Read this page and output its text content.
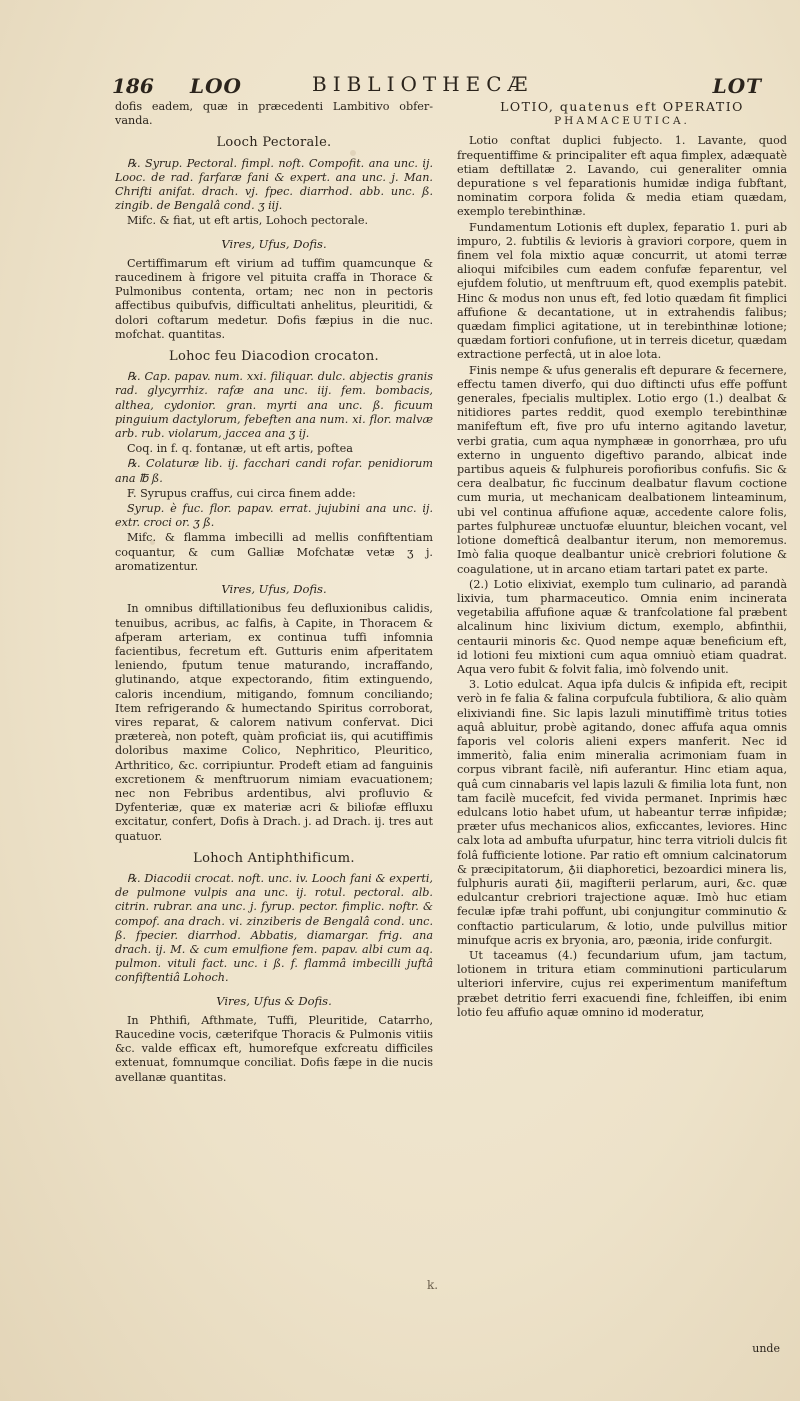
186 LOO	BIBLIOTHECÆ	LOT

dofis eadem, quæ in præcedenti Lambitivo obfer-vanda.

Looch Pectorale.

℞. Syrup. Pectoral. fimpl. noft. Compofit. ana unc. ij. Looc. de rad. farfaræ fani & expert. ana unc. j. Man. Chrifti anifat. drach. vj. fpec. diarrhod. abb. unc. ß. zingib. de Bengalâ cond. ʒ iij.

Mifc. & fiat, ut eft artis, Lohoch pectorale.

Vires, Ufus, Dofis.

Certiffimarum eft virium ad tuffim quamcunque & raucedinem à frigore vel pituita craffa in Thorace & Pulmonibus contenta, ortam; nec non in pectoris affectibus quibufvis, difficultati anhelitus, pleuritidi, & dolori coftarum medetur. Dofis fæpius in die nuc. mofchat. quantitas.

Lohoc feu Diacodion crocaton.

℞. Cap. papav. num. xxi. filiquar. dulc. abjectis granis rad. glycyrrhiz. rafæ ana unc. iij. fem. bombacis, althea, cydonior. gran. myrti ana unc. ß. ficuum pinguium dactylorum, febeften ana num. xi. flor. malvæ arb. rub. violarum, jaccea ana ʒ ij.

Coq. in f. q. fontanæ, ut eft artis, poftea

℞. Colaturæ lib. ij. facchari candi rofar. penidiorum ana ℔ ß.

F. Syrupus craffus, cui circa finem adde:

Syrup. è fuc. flor. papav. errat. jujubini ana unc. ij. extr. croci or. ʒ ß.

Mifc. & flamma imbecilli ad mellis confiftentiam coquantur, & cum Galliæ Mofchatæ vetæ ʒ j. aromatizentur.

Vires, Ufus, Dofis.

In omnibus diftillationibus feu defluxionibus calidis, tenuibus, acribus, ac falfis, à Capite, in Thoracem & afperam arteriam, ex continua tuffi infomnia facientibus, fecretum eft. Gutturis enim afperitatem leniendo, fputum tenue maturando, incraffando, glutinando, atque expectorando, fitim extinguendo, caloris incendium, mitigando, fomnum conciliando; Item refrigerando & humectando Spiritus corroborat, vires reparat, & calorem nativum confervat. Dici prætereà, non poteft, quàm proficiat iis, qui acutiffimis doloribus maxime Colico, Nephritico, Pleuritico, Arthritico, &c. corripiuntur. Prodeft etiam ad fanguinis excretionem & menftruorum nimiam evacuationem; nec non Febribus ardentibus, alvi profluvio & Dyfenteriæ, quæ ex materiæ acri & biliofæ effluxu excitatur, confert, Dofis à Drach. j. ad Drach. ij. tres aut quatuor.

Lohoch Antiphthificum.

℞. Diacodii crocat. noft. unc. iv. Looch fani & experti, de pulmone vulpis ana unc. ij. rotul. pectoral. alb. citrin. rubrar. ana unc. j. fyrup. pector. fimplic. noftr. & compof. ana drach. vi. zinziberis de Bengalâ cond. unc. ß. fpecier. diarrhod. Abbatis, diamargar. frig. ana drach. ij. M. & cum emulfione fem. papav. albi cum aq. pulmon. vituli fact. unc. i ß. f. flammâ imbecilli juftâ confiftentiâ Lohoch.

Vires, Ufus & Dofis.

In Phthifi, Afthmate, Tuffi, Pleuritide, Catarrho, Raucedine vocis, cæterifque Thoracis & Pulmonis vitiis &c. valde efficax eft, humorefque exfcreatu difficiles extenuat, fomnumque conciliat. Dofis fæpe in die nucis avellanæ quantitas.

LOTIO, quatenus eft OPERATIO

PHAMACEUTICA.

Lotio conftat duplici fubjecto. 1. Lavante, quod frequentiffime & principaliter eft aqua fimplex, adæquatè etiam deftillatæ 2. Lavando, cui generaliter omnia depuratione s vel feparationis humidæ indiga fubftant, nominatim corpora folida & media etiam quædam, exemplo terebinthinæ.

Fundamentum Lotionis eft duplex, feparatio 1. puri ab impuro, 2. fubtilis & levioris à graviori corpore, quem in finem vel fola mixtio aquæ concurrit, ut atomi terræ alioqui mifcibiles cum eadem confufæ feparentur, vel ejufdem folutio, ut menftruum eft, quod exemplis patebit. Hinc & modus non unus eft, fed lotio quædam fit fimplici affufione & decantatione, ut in extrahendis falibus; quædam fimplici agitatione, ut in terebinthinæ lotione; quædam fortiori confufione, ut in terreis dicetur, quædam extractione perfectâ, ut in aloe lota.

Finis nempe & ufus generalis eft depurare & fecernere, effectu tamen diverfo, qui duo diftincti ufus effe poffunt generales, fpecialis multiplex. Lotio ergo (1.) dealbat & nitidiores partes reddit, quod exemplo terebinthinæ manifeftum eft, five pro ufu interno agitando lavetur, verbi gratia, cum aqua nymphææ in gonorrhæa, pro ufu externo in unguento digeftivo parando, albicat inde partibus aqueis & fulphureis porofioribus confufis. Sic & cera dealbatur, fic fuccinum dealbatur flavum coctione cum muria, ut mechanicam dealbationem linteaminum, ubi vel continua affufione aquæ, accedente calore folis, partes fulphureæ unctuofæ eluuntur, bleichen vocant, vel lotione domefticâ dealbantur iterum, non memoremus. Imò falia quoque dealbantur unicè crebriori folutione & coagulatione, ut in arcano etiam tartari patet ex parte.

(2.) Lotio elixiviat, exemplo tum culinario, ad parandà lixivia, tum pharmaceutico. Omnia enim incinerata vegetabilia affufione aquæ & tranfcolatione fal præbent alcalinum hinc lixivium dictum, exemplo, abfinthii, centaurii minoris &c. Quod nempe aquæ beneficium eft, id lotioni feu mixtioni cum aqua omniuò etiam quadrat. Aqua vero fubit & folvit falia, imò folvendo unit.

3. Lotio edulcat. Aqua ipfa dulcis & infipida eft, recipit verò in fe falia & falina corpufcula fubtiliora, & alio quàm elixiviandi fine. Sic lapis lazuli minutiffimè tritus toties aquâ abluitur, probè agitando, donec affufa aqua omnis faporis vel coloris alieni expers manferit. Nec id immeritò, falia enim mineralia acrimoniam fuam in corpus vibrant facilè, nifi auferantur. Hinc etiam aqua, quâ cum cinnabaris vel lapis lazuli & fimilia lota funt, non tam facilè mucefcit, fed vivida permanet. Inprimis hæc edulcans lotio habet ufum, ut habeantur terræ infipidæ; præter ufus mechanicos alios, exficcantes, leviores. Hinc calx lota ad ambufta ufurpatur, hinc terra vitrioli dulcis fit folâ fufficiente lotione. Par ratio eft omnium calcinatorum & præcipitatorum, ♁ii diaphoretici, bezoardici minera lis, fulphuris aurati ♁ii, magifterii perlarum, auri, &c. quæ edulcantur crebriori trajectione aquæ. Imò huc etiam feculæ ipfæ trahi poffunt, ubi conjungitur comminutio & conftactio particularum, & lotio, unde pulvillus mitior minufque acris ex bryonia, aro, pæonia, iride confurgit.

Ut taceamus (4.) fecundarium ufum, jam tactum, lotionem in tritura etiam comminutioni particularum ulteriori infervire, cujus rei experimentum manifeftum præbet detritio ferri exacuendi fine, fchleiffen, ibi enim lotio feu affufio aquæ omnino id moderatur,

unde
k.
